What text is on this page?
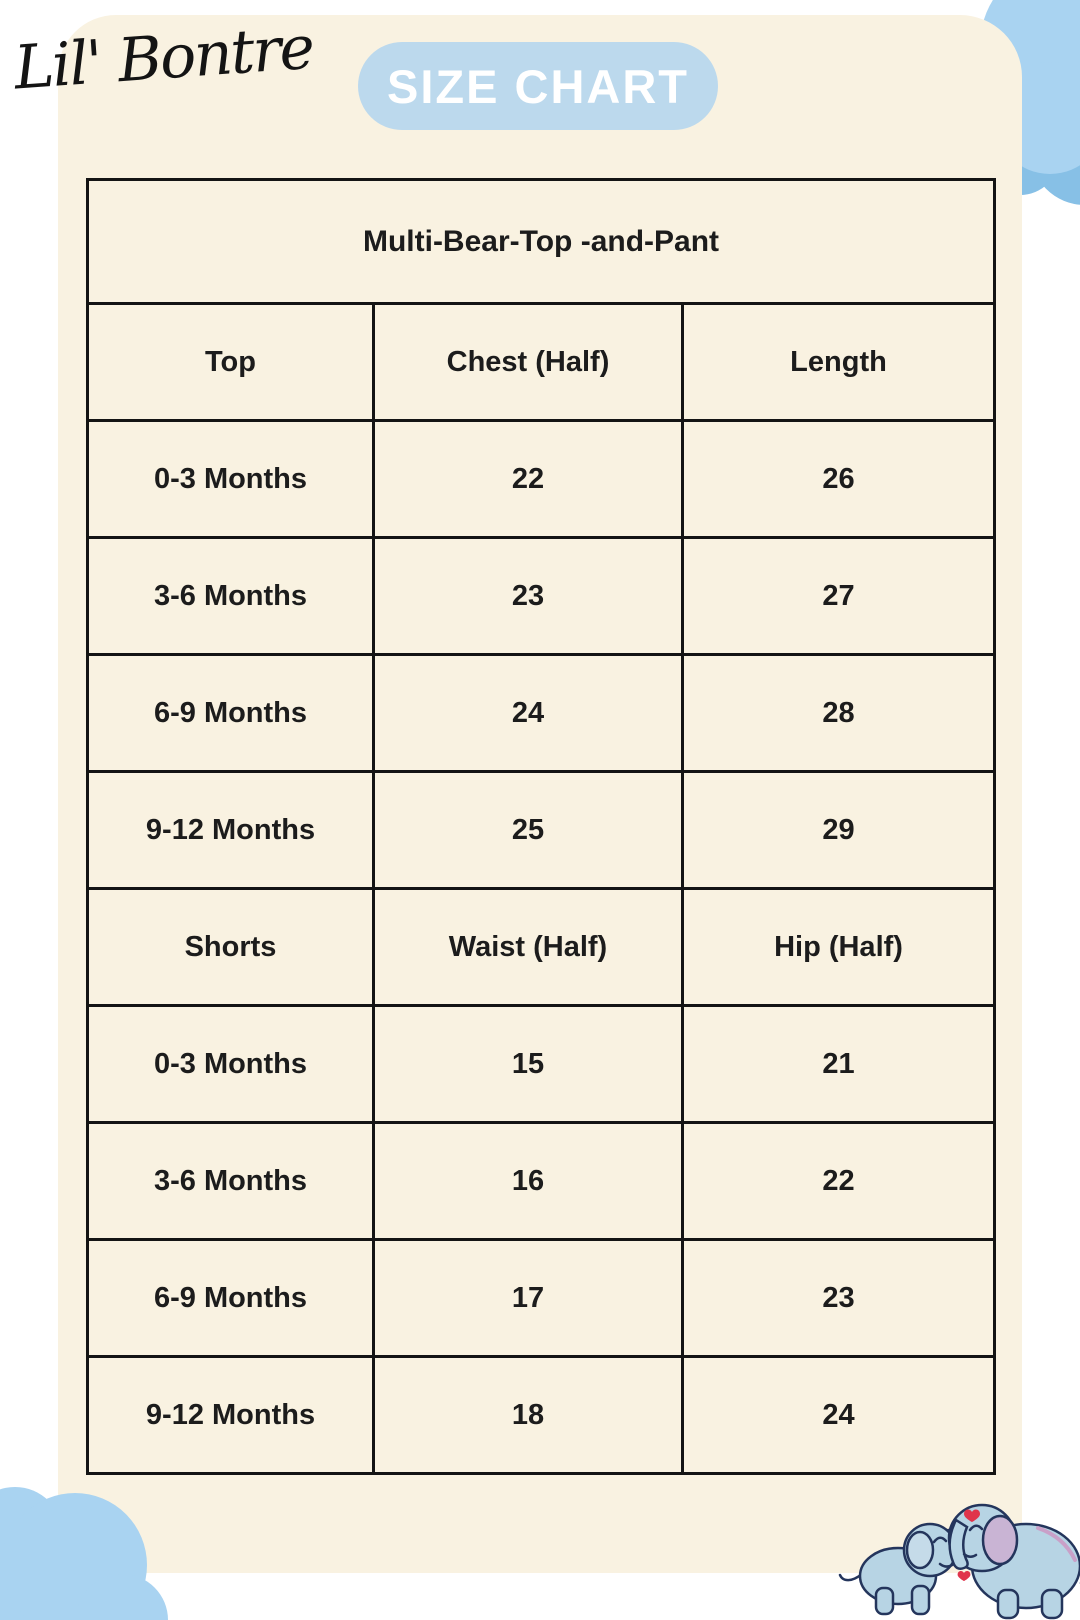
Lil' Bontre	SIZE CHART
Multi-Bear-Top -and-Pant		
Top	Chest (Half)	Length
0-3 Months	22	26
3-6 Months	23	27
6-9 Months	24	28
9-12 Months	25	29
Shorts	Waist (Half)	Hip (Half)
0-3 Months	15	21
3-6 Months	16	22
6-9 Months	17	23
9-12 Months	18	24
